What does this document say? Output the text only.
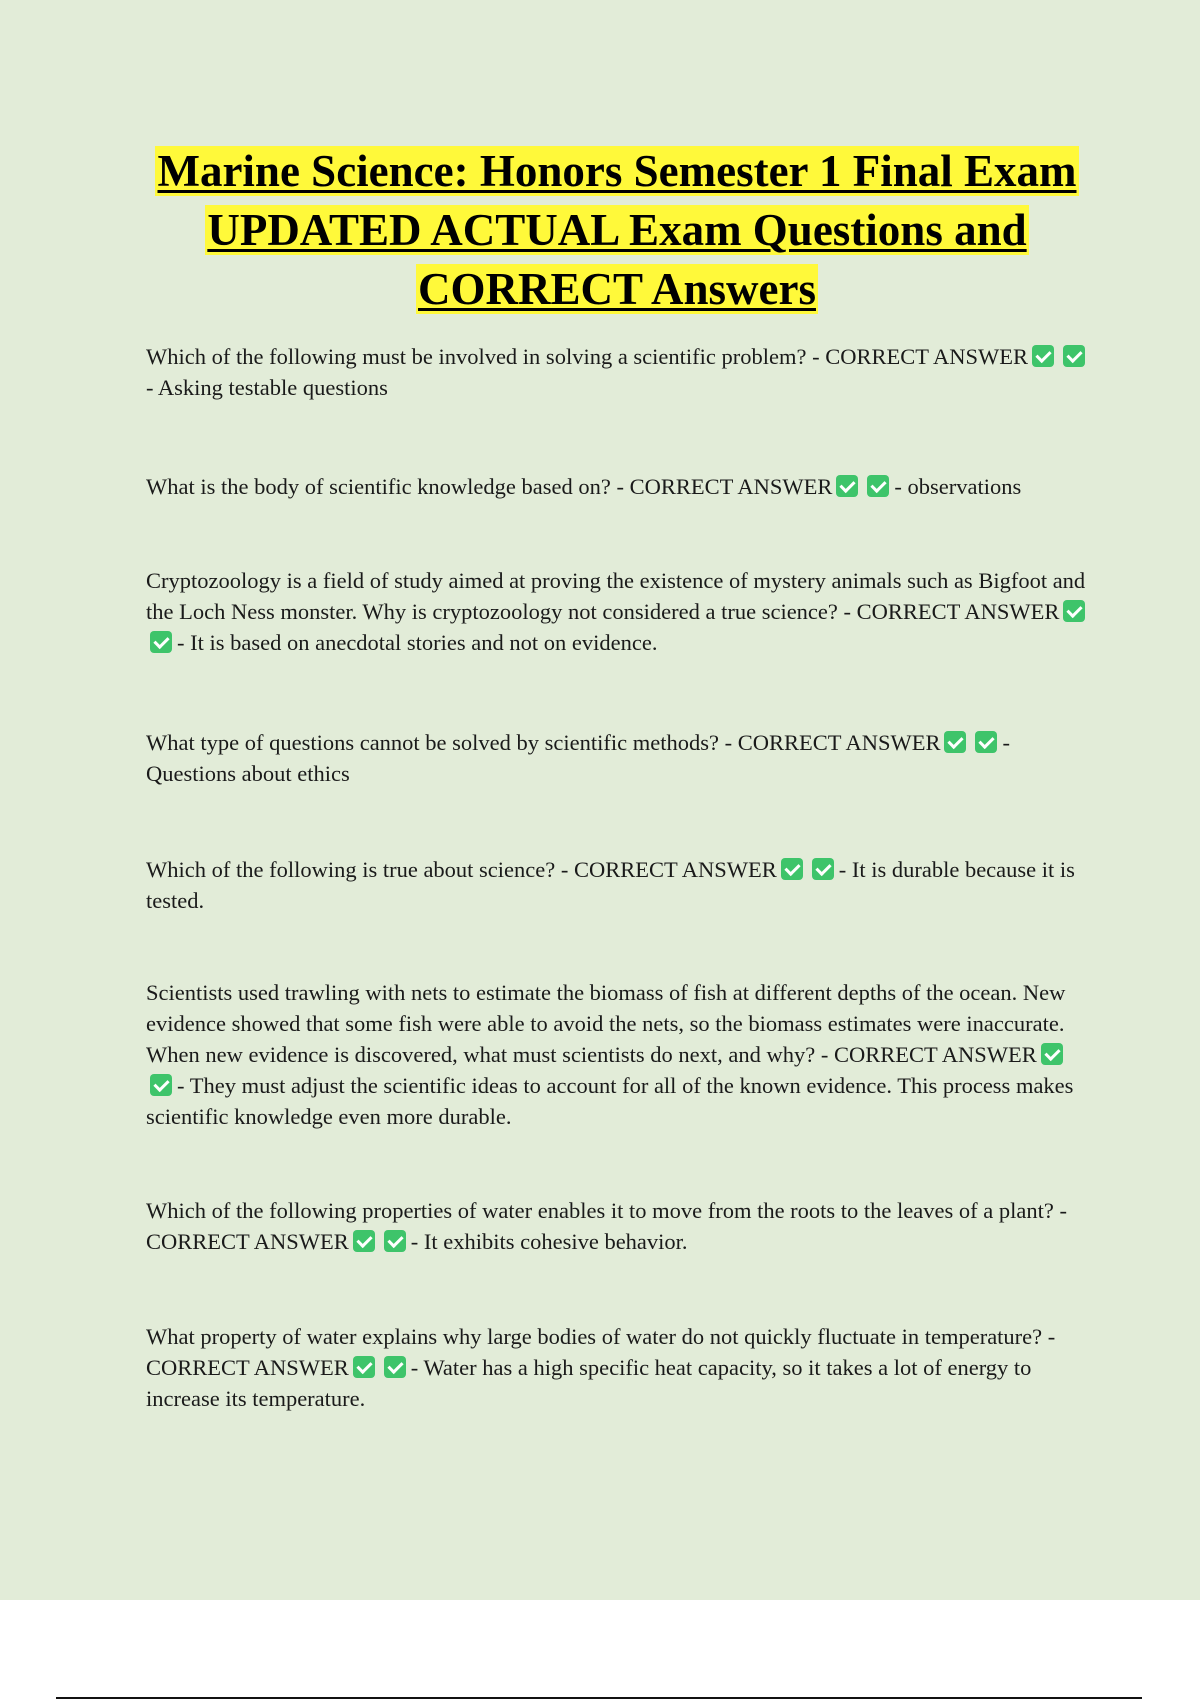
Marine Science: Honors Semester 1 Final Exam UPDATED ACTUAL Exam Questions and CORRECT Answers

Which of the following must be involved in solving a scientific problem? - CORRECT ANSWER- Asking testable questions

What is the body of scientific knowledge based on? - CORRECT ANSWER	- observations

Cryptozoology is a field of study aimed at proving the existence of mystery animals such as Bigfoot and the Loch Ness monster. Why is cryptozoology not considered a true science? - CORRECT ANSWER- It is based on anecdotal stories and not on evidence.

What type of questions cannot be solved by scientific methods? - CORRECT ANSWER	- Questions about ethics

Which of the following is true about science? - CORRECT ANSWER	- It is durable because it is tested.

Scientists used trawling with nets to estimate the biomass of fish at different depths of the ocean. New evidence showed that some fish were able to avoid the nets, so the biomass estimates were inaccurate. When new evidence is discovered, what must scientists do next, and why? - CORRECT ANSWER- They must adjust the scientific ideas to account for all of the known evidence. This process makes scientific knowledge even more durable.

Which of the following properties of water enables it to move from the roots to the leaves of a plant? - CORRECT ANSWER	- It exhibits cohesive behavior.

What property of water explains why large bodies of water do not quickly fluctuate in temperature? - CORRECT ANSWER	- Water has a high specific heat capacity, so it takes a lot of energy to increase its temperature.
